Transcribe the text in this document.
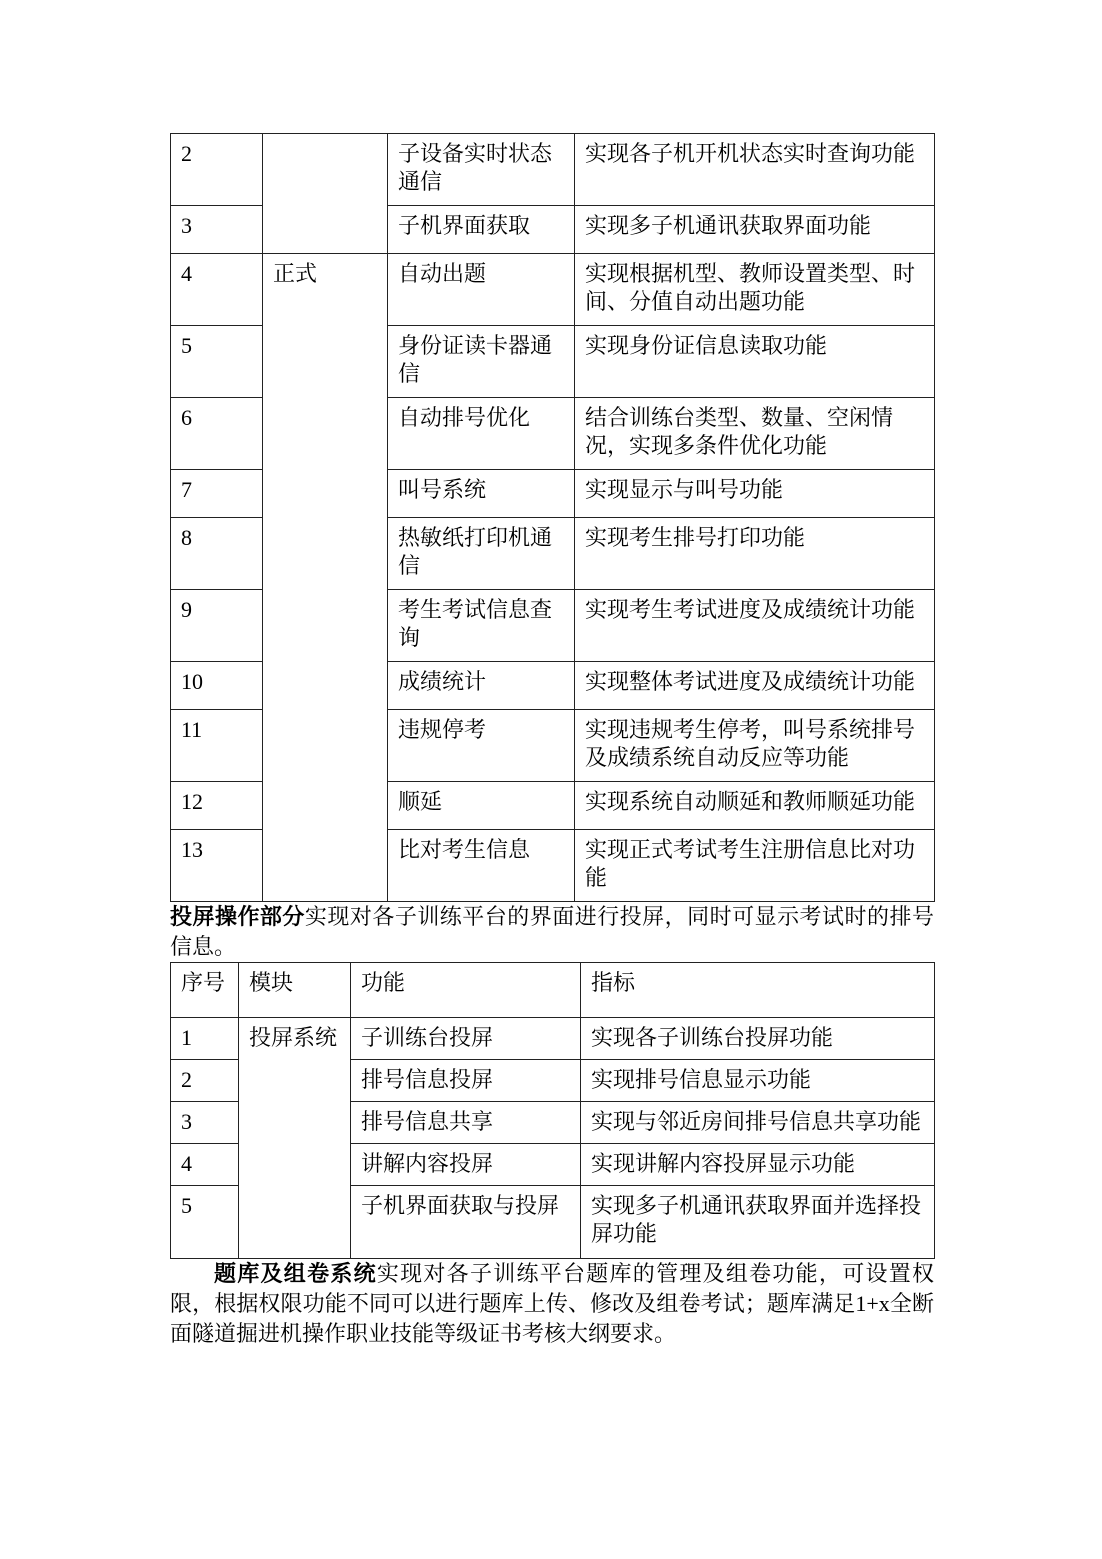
2		子设备实时状态通信	实现各子机开机状态实时查询功能
3		子机界面获取	实现多子机通讯获取界面功能
4	正式	自动出题	实现根据机型、教师设置类型、时间、分值自动出题功能
5		身份证读卡器通信	实现身份证信息读取功能
6		自动排号优化	结合训练台类型、数量、空闲情况，实现多条件优化功能
7		叫号系统	实现显示与叫号功能
8		热敏纸打印机通信	实现考生排号打印功能
9		考生考试信息查询	实现考生考试进度及成绩统计功能
10		成绩统计	实现整体考试进度及成绩统计功能
11		违规停考	实现违规考生停考，叫号系统排号及成绩系统自动反应等功能
12		顺延	实现系统自动顺延和教师顺延功能
13		比对考生信息	实现正式考试考生注册信息比对功能

投屏操作部分实现对各子训练平台的界面进行投屏，同时可显示考试时的排号信息。

序号	模块	功能	指标
1	投屏系统	子训练台投屏	实现各子训练台投屏功能
2		排号信息投屏	实现排号信息显示功能
3		排号信息共享	实现与邻近房间排号信息共享功能
4		讲解内容投屏	实现讲解内容投屏显示功能
5		子机界面获取与投屏	实现多子机通讯获取界面并选择投屏功能

题库及组卷系统实现对各子训练平台题库的管理及组卷功能，可设置权限，根据权限功能不同可以进行题库上传、修改及组卷考试；题库满足1+x全断面隧道掘进机操作职业技能等级证书考核大纲要求。
